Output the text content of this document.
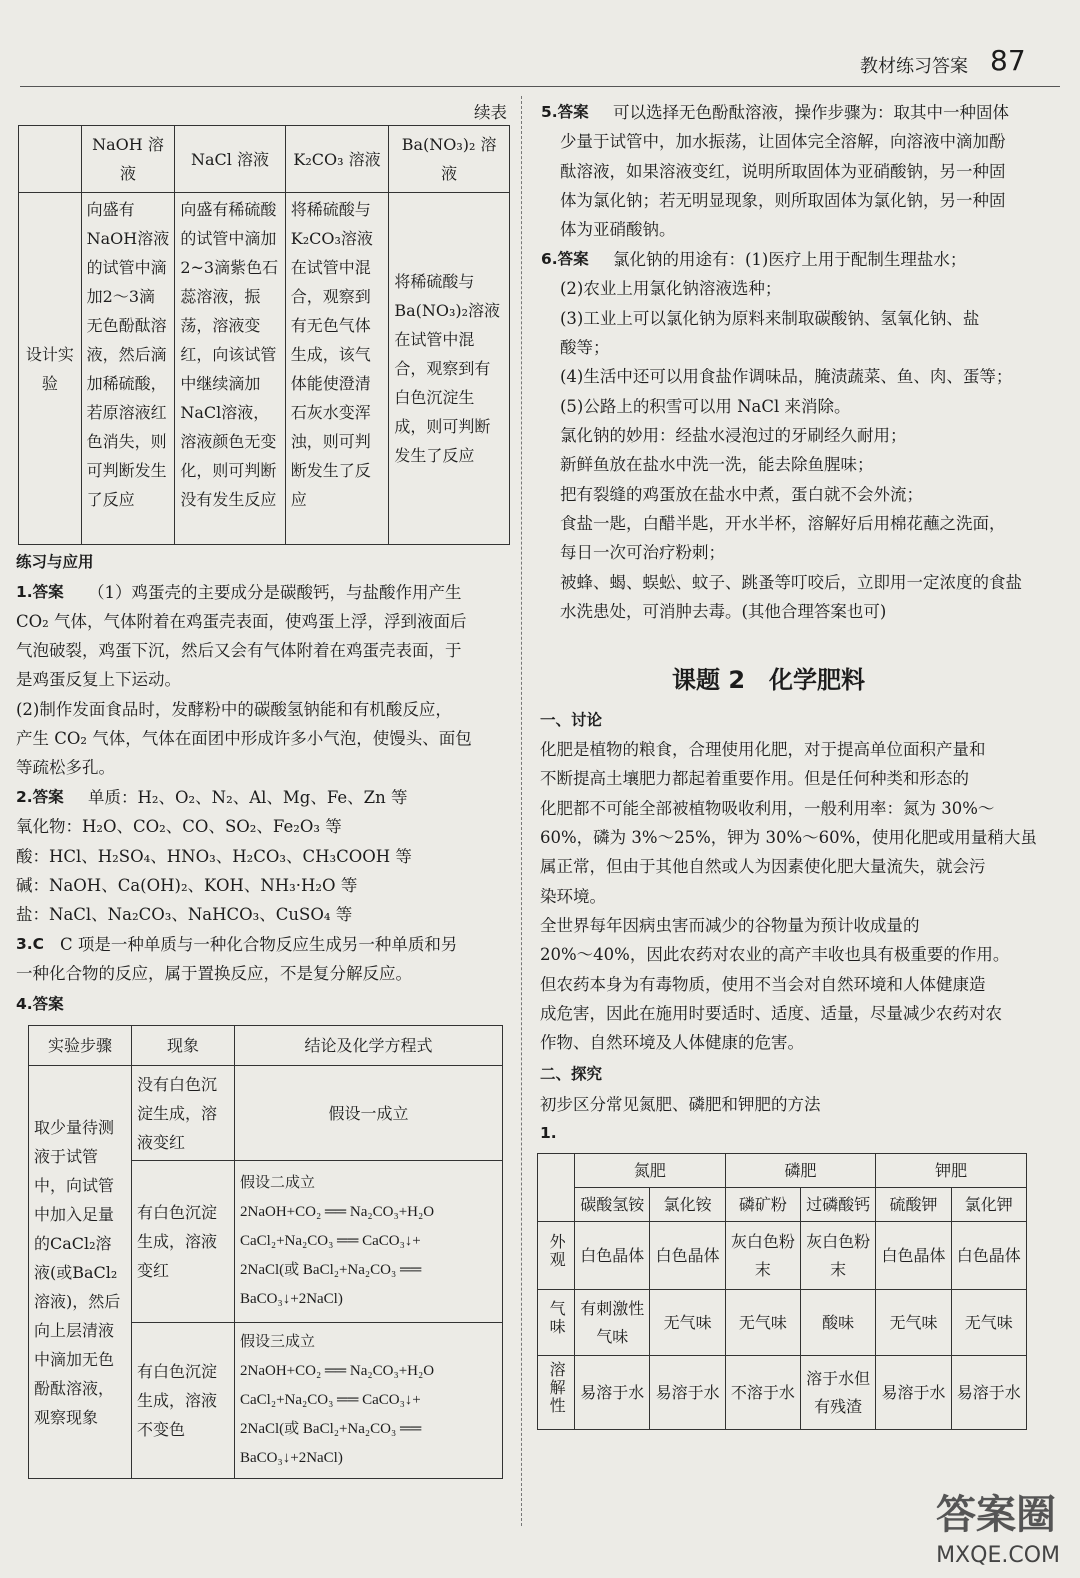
教材练习答案 87
续表
	NaOH 溶液	NaCl 溶液	K₂CO₃ 溶液	Ba(NO₃)₂ 溶液
设计实验	向盛有NaOH溶液的试管中滴加2～3滴无色酚酞溶液，然后滴加稀硫酸，若原溶液红色消失，则可判断发生了反应	向盛有稀硫酸的试管中滴加2~3滴紫色石蕊溶液，振荡，溶液变红，向该试管中继续滴加NaCl溶液，溶液颜色无变化，则可判断没有发生反应	将稀硫酸与K₂CO₃溶液在试管中混合，观察到有无色气体生成，该气体能使澄清石灰水变浑浊，则可判断发生了反应	将稀硫酸与Ba(NO₃)₂溶液在试管中混合，观察到有白色沉淀生成，则可判断发生了反应
练习与应用
1.答案 （1）鸡蛋壳的主要成分是碳酸钙，与盐酸作用产生
CO₂ 气体，气体附着在鸡蛋壳表面，使鸡蛋上浮，浮到液面后
气泡破裂，鸡蛋下沉，然后又会有气体附着在鸡蛋壳表面，于
是鸡蛋反复上下运动。
(2)制作发面食品时，发酵粉中的碳酸氢钠能和有机酸反应，
产生 CO₂ 气体，气体在面团中形成许多小气泡，使馒头、面包
等疏松多孔。
2.答案 单质：H₂、O₂、N₂、Al、Mg、Fe、Zn 等
氧化物：H₂O、CO₂、CO、SO₂、Fe₂O₃ 等
酸：HCl、H₂SO₄、HNO₃、H₂CO₃、CH₃COOH 等
碱：NaOH、Ca(OH)₂、KOH、NH₃·H₂O 等
盐：NaCl、Na₂CO₃、NaHCO₃、CuSO₄ 等
3.C C 项是一种单质与一种化合物反应生成另一种单质和另
一种化合物的反应，属于置换反应，不是复分解反应。
4.答案
实验步骤	现象	结论及化学方程式
取少量待测液于试管中，向试管中加入足量的CaCl₂溶液(或BaCl₂溶液)，然后向上层清液中滴加无色酚酞溶液，观察现象	没有白色沉淀生成，溶液变红	假设一成立
	有白色沉淀生成，溶液变红	假设二成立
2NaOH+CO₂ ══ Na₂CO₃+H₂O
CaCl₂+Na₂CO₃ ══ CaCO₃↓+
2NaCl(或 BaCl₂+Na₂CO₃ ══
BaCO₃↓+2NaCl)

	有白色沉淀生成，溶液不变色	假设三成立
2NaOH+CO₂ ══ Na₂CO₃+H₂O
CaCl₂+Na₂CO₃ ══ CaCO₃↓+
2NaCl(或 BaCl₂+Na₂CO₃ ══
BaCO₃↓+2NaCl)
5.答案 可以选择无色酚酞溶液，操作步骤为：取其中一种固体
少量于试管中，加水振荡，让固体完全溶解，向溶液中滴加酚
酞溶液，如果溶液变红，说明所取固体为亚硝酸钠，另一种固
体为氯化钠；若无明显现象，则所取固体为氯化钠，另一种固
体为亚硝酸钠。
6.答案 氯化钠的用途有：(1)医疗上用于配制生理盐水；
(2)农业上用氯化钠溶液选种；
(3)工业上可以氯化钠为原料来制取碳酸钠、氢氧化钠、盐
酸等；
(4)生活中还可以用食盐作调味品，腌渍蔬菜、鱼、肉、蛋等；
(5)公路上的积雪可以用 NaCl 来消除。
氯化钠的妙用：经盐水浸泡过的牙刷经久耐用；
新鲜鱼放在盐水中洗一洗，能去除鱼腥味；
把有裂缝的鸡蛋放在盐水中煮，蛋白就不会外流；
食盐一匙，白醋半匙，开水半杯，溶解好后用棉花蘸之洗面，
每日一次可治疗粉刺；
被蜂、蝎、蜈蚣、蚊子、跳蚤等叮咬后，立即用一定浓度的食盐
水洗患处，可消肿去毒。(其他合理答案也可)
课题 2　化学肥料
一、讨论
化肥是植物的粮食，合理使用化肥，对于提高单位面积产量和
不断提高土壤肥力都起着重要作用。但是任何种类和形态的
化肥都不可能全部被植物吸收利用，一般利用率：氮为 30%～
60%，磷为 3%～25%，钾为 30%～60%，使用化肥或用量稍大虽
属正常，但由于其他自然或人为因素使化肥大量流失，就会污
染环境。
全世界每年因病虫害而减少的谷物量为预计收成量的
20%～40%，因此农药对农业的高产丰收也具有极重要的作用。
但农药本身为有毒物质，使用不当会对自然环境和人体健康造
成危害，因此在施用时要适时、适度、适量，尽量减少农药对农
作物、自然环境及人体健康的危害。
二、探究
初步区分常见氮肥、磷肥和钾肥的方法
1.
	氮肥		磷肥		钾肥	
	碳酸氢铵	氯化铵	磷矿粉	过磷酸钙	硫酸钾	氯化钾
外观	白色晶体	白色晶体	灰白色粉末	灰白色粉末	白色晶体	白色晶体
气味	有刺激性气味	无气味	无气味	酸味	无气味	无气味
溶解性	易溶于水	易溶于水	不溶于水	溶于水但有残渣	易溶于水	易溶于水
答案圈
MXQE.COM
